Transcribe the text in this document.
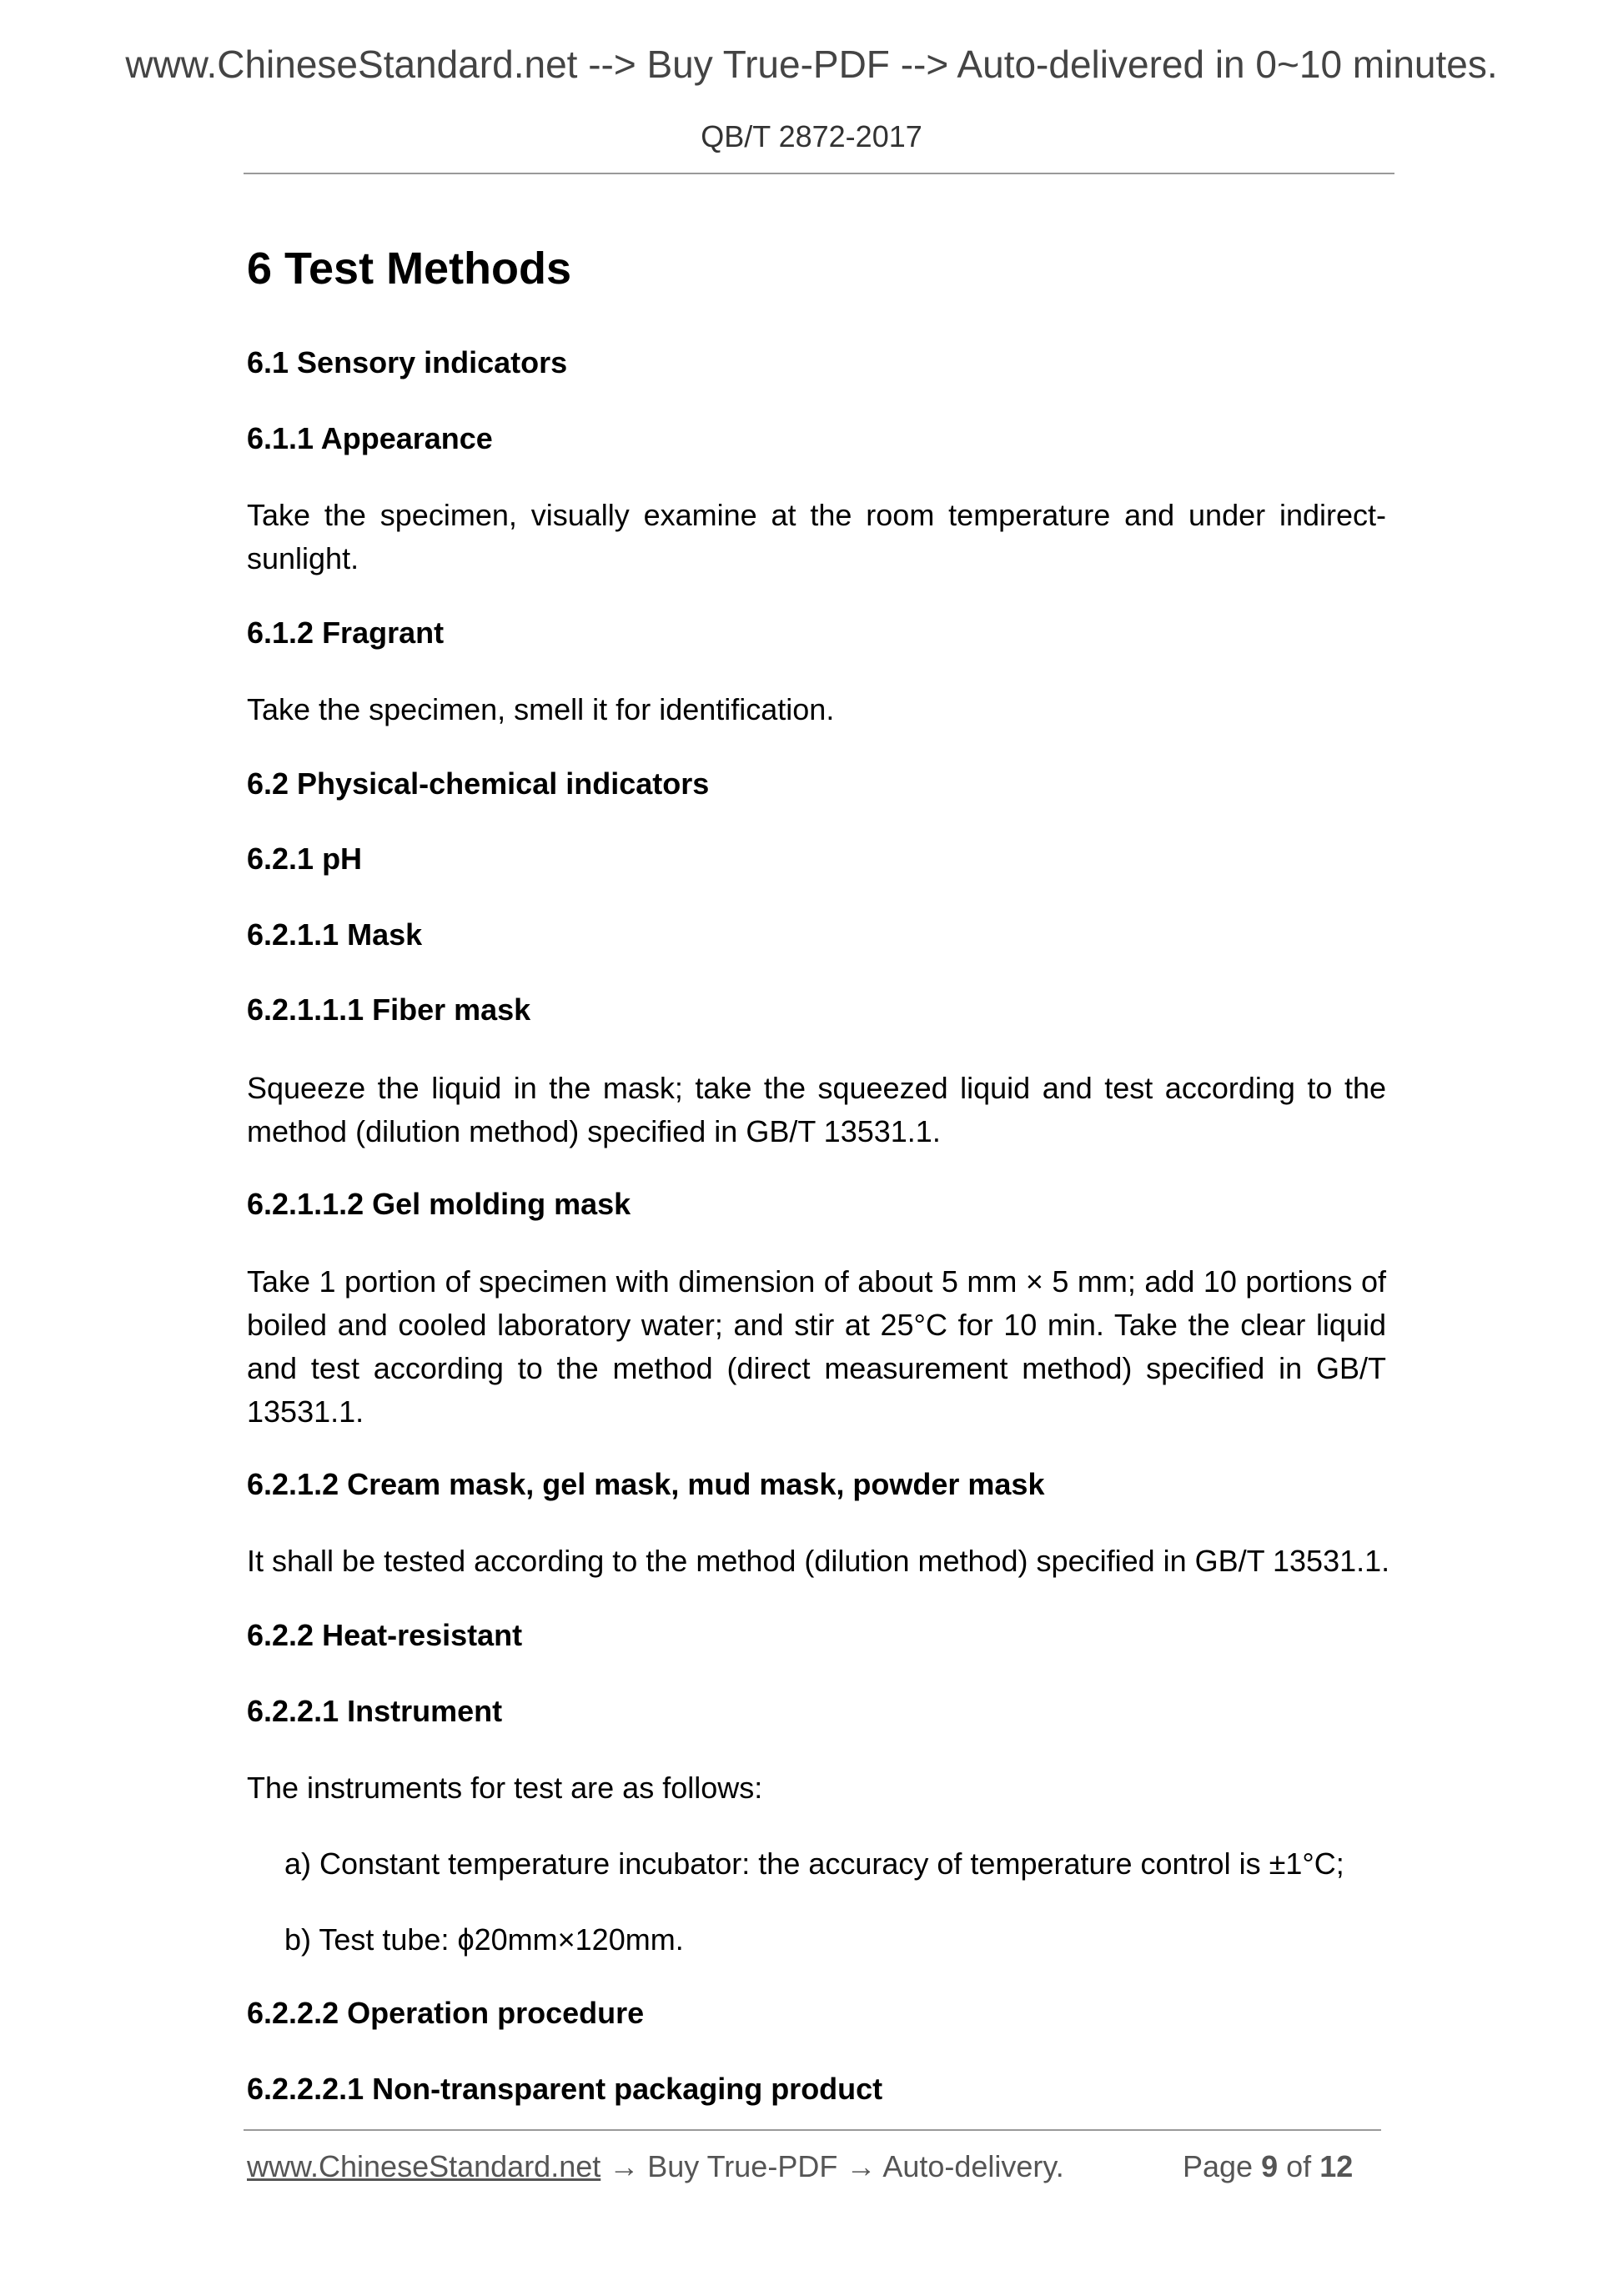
www.ChineseStandard.net --> Buy True-PDF --> Auto-delivered in 0~10 minutes.
QB/T 2872-2017
6 Test Methods
6.1 Sensory indicators
6.1.1 Appearance
Take the specimen, visually examine at the room temperature and under indirect-sunlight.
6.1.2 Fragrant
Take the specimen, smell it for identification.
6.2 Physical-chemical indicators
6.2.1 pH
6.2.1.1 Mask
6.2.1.1.1 Fiber mask
Squeeze the liquid in the mask; take the squeezed liquid and test according to the method (dilution method) specified in GB/T 13531.1.
6.2.1.1.2 Gel molding mask
Take 1 portion of specimen with dimension of about 5 mm × 5 mm; add 10 portions of boiled and cooled laboratory water; and stir at 25°C for 10 min. Take the clear liquid and test according to the method (direct measurement method) specified in GB/T 13531.1.
6.2.1.2 Cream mask, gel mask, mud mask, powder mask
It shall be tested according to the method (dilution method) specified in GB/T 13531.1.
6.2.2 Heat-resistant
6.2.2.1 Instrument
The instruments for test are as follows:
a) Constant temperature incubator: the accuracy of temperature control is ±1°C;
b) Test tube: ϕ20mm×120mm.
6.2.2.2 Operation procedure
6.2.2.2.1 Non-transparent packaging product
www.ChineseStandard.net → Buy True-PDF → Auto-delivery.	Page 9 of 12
